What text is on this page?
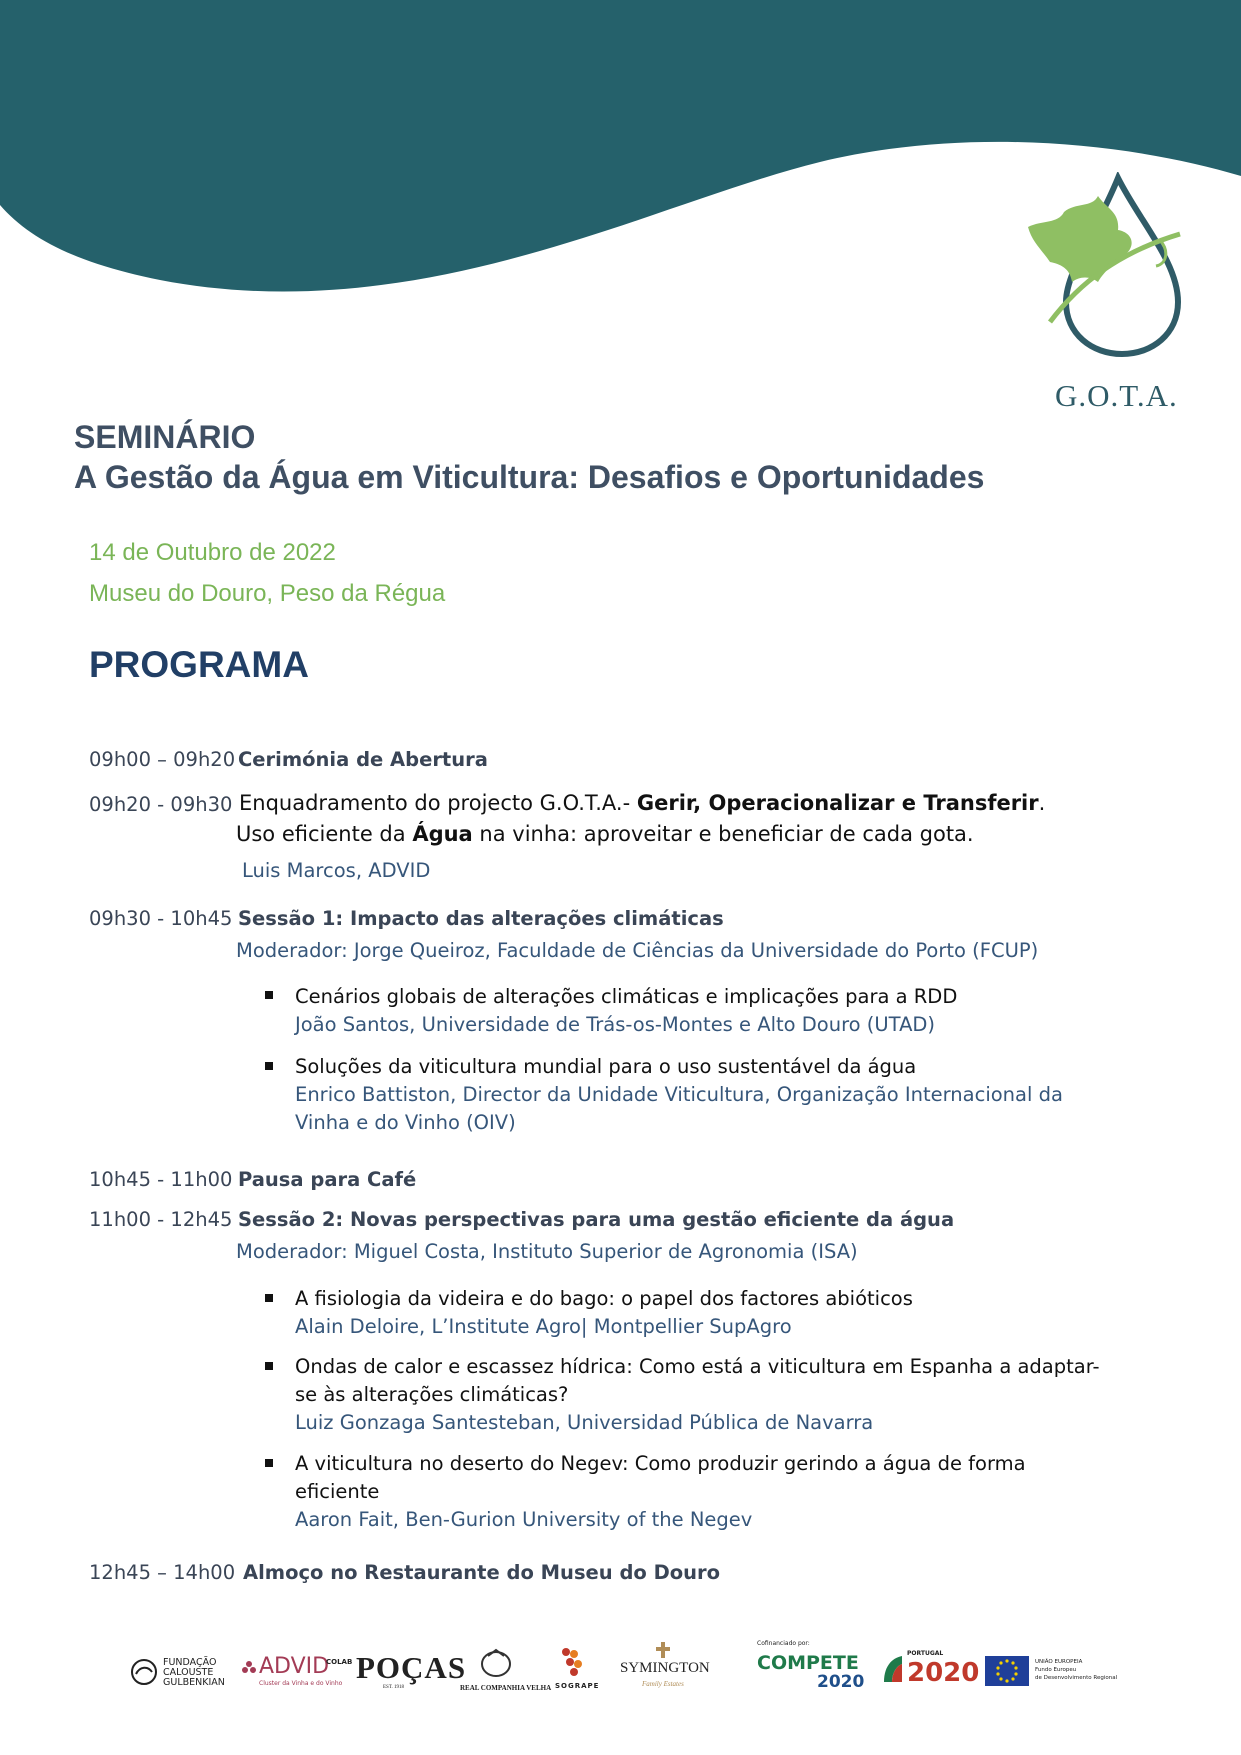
G.O.T.A.
SEMINÁRIO
A Gestão da Água em Viticultura: Desafios e Oportunidades
14 de Outubro de 2022
Museu do Douro, Peso da Régua
PROGRAMA
09h00 – 09h20 Cerimónia de Abertura
09h20 - 09h30 Enquadramento do projecto G.O.T.A.- Gerir, Operacionalizar e Transferir.
Uso eficiente da Água na vinha: aproveitar e beneficiar de cada gota.
Luis Marcos, ADVID
09h30 - 10h45 Sessão 1: Impacto das alterações climáticas
Moderador: Jorge Queiroz, Faculdade de Ciências da Universidade do Porto (FCUP)
Cenários globais de alterações climáticas e implicações para a RDD
João Santos, Universidade de Trás-os-Montes e Alto Douro (UTAD)
Soluções da viticultura mundial para o uso sustentável da água
Enrico Battiston, Director da Unidade Viticultura, Organização Internacional da
Vinha e do Vinho (OIV)
10h45 - 11h00 Pausa para Café
11h00 - 12h45 Sessão 2: Novas perspectivas para uma gestão eficiente da água
Moderador: Miguel Costa, Instituto Superior de Agronomia (ISA)
A fisiologia da videira e do bago: o papel dos factores abióticos
Alain Deloire, L’Institute Agro| Montpellier SupAgro
Ondas de calor e escassez hídrica: Como está a viticultura em Espanha a adaptar-
se às alterações climáticas?
Luiz Gonzaga Santesteban, Universidad Pública de Navarra
A viticultura no deserto do Negev: Como produzir gerindo a água de forma
eficiente
Aaron Fait, Ben-Gurion University of the Negev
12h45 – 14h00 Almoço no Restaurante do Museu do Douro
FUNDAÇÃO
CALOUSTE
GULBENKIAN
ADVID
Cluster da Vinha e do Vinho
COLAB POÇAS
EST. 1918	REAL COMPANHIA VELHA SOGRAPE
SYMINGTON
Family Estates
Cofinanciado por:
COMPETE
2020
PORTUGAL
2020	UNIÃO EUROPEIA
Fundo Europeu
de Desenvolvimento Regional
